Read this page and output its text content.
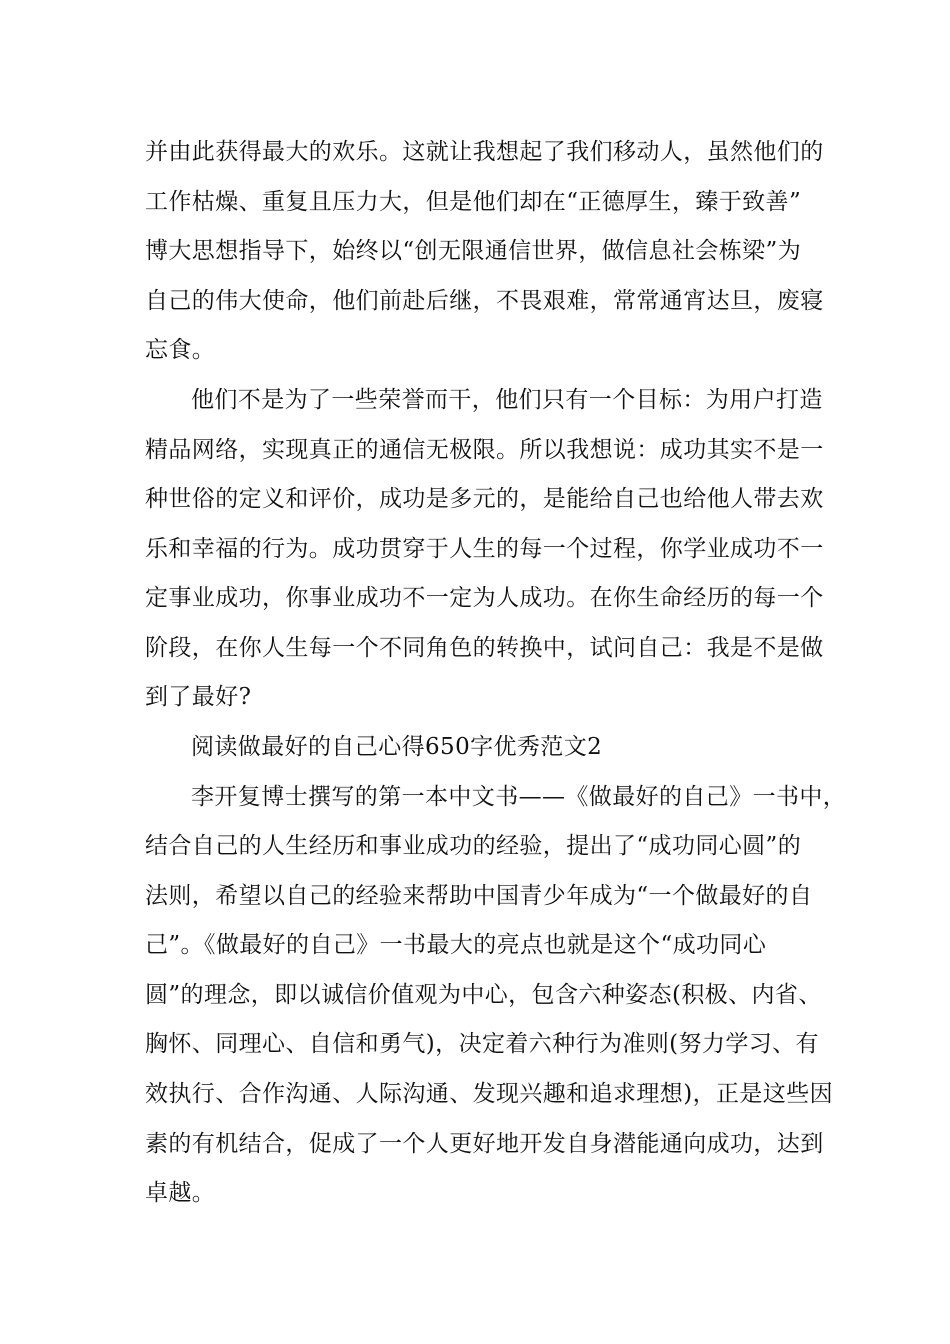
并由此获得最大的欢乐。这就让我想起了我们移动人，虽然他们的
工作枯燥、重复且压力大，但是他们却在“正德厚生，臻于致善”
博大思想指导下，始终以“创无限通信世界，做信息社会栋梁”为
自己的伟大使命，他们前赴后继，不畏艰难，常常通宵达旦，废寝
忘食。
他们不是为了一些荣誉而干，他们只有一个目标：为用户打造
精品网络，实现真正的通信无极限。所以我想说：成功其实不是一
种世俗的定义和评价，成功是多元的，是能给自己也给他人带去欢
乐和幸福的行为。成功贯穿于人生的每一个过程，你学业成功不一
定事业成功，你事业成功不一定为人成功。在你生命经历的每一个
阶段，在你人生每一个不同角色的转换中，试问自己：我是不是做
到了最好?
阅读做最好的自己心得650字优秀范文2
李开复博士撰写的第一本中文书——《做最好的自己》一书中，
结合自己的人生经历和事业成功的经验，提出了“成功同心圆”的
法则，希望以自己的经验来帮助中国青少年成为“一个做最好的自
己”。《做最好的自己》一书最大的亮点也就是这个“成功同心
圆”的理念，即以诚信价值观为中心，包含六种姿态(积极、内省、
胸怀、同理心、自信和勇气)，决定着六种行为准则(努力学习、有
效执行、合作沟通、人际沟通、发现兴趣和追求理想)，正是这些因
素的有机结合，促成了一个人更好地开发自身潜能通向成功，达到
卓越。
